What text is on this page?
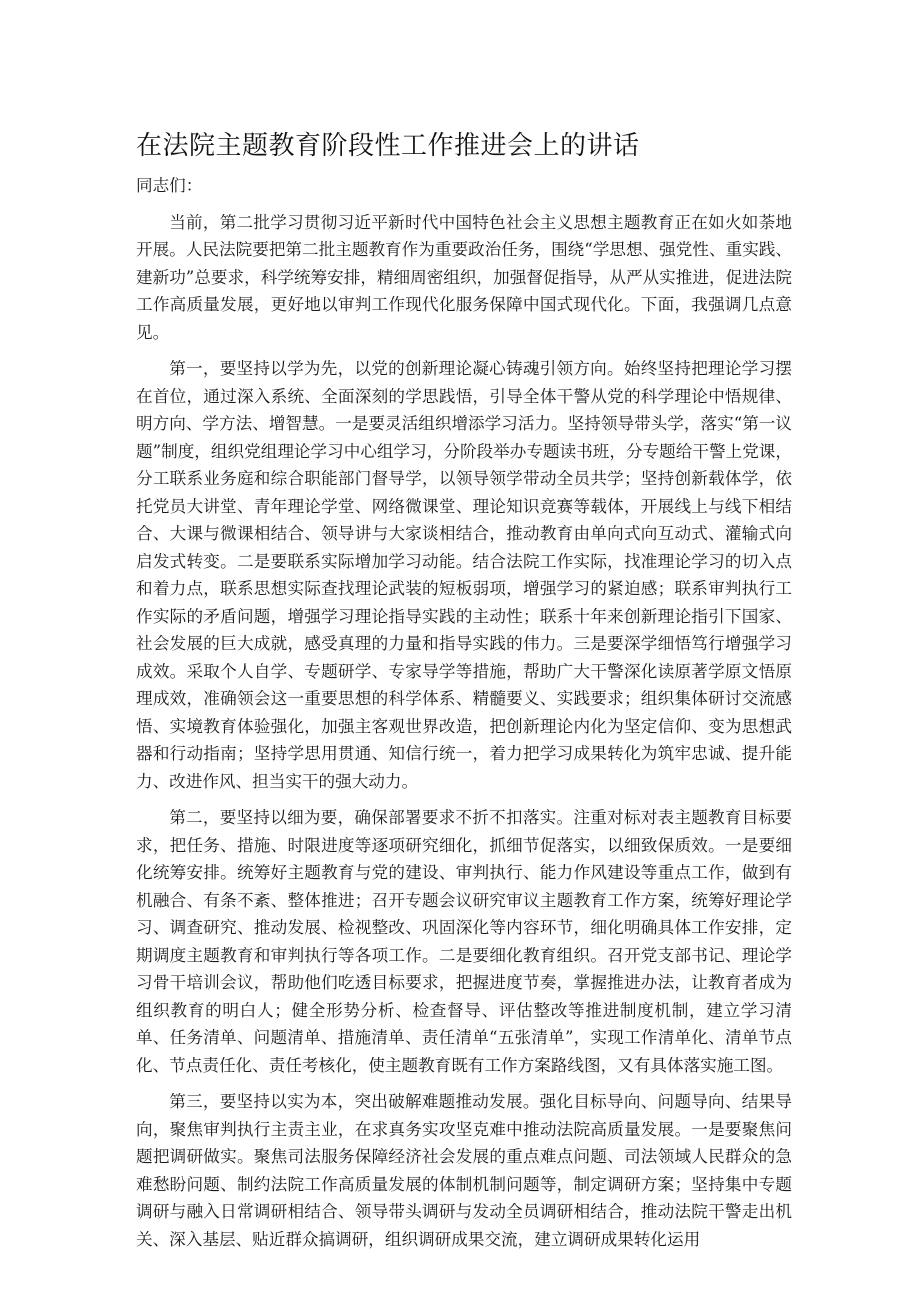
在法院主题教育阶段性工作推进会上的讲话

同志们：

当前，第二批学习贯彻习近平新时代中国特色社会主义思想主题教育正在如火如荼地开展。人民法院要把第二批主题教育作为重要政治任务，围绕“学思想、强党性、重实践、建新功”总要求，科学统筹安排，精细周密组织，加强督促指导，从严从实推进，促进法院工作高质量发展，更好地以审判工作现代化服务保障中国式现代化。下面，我强调几点意见。

第一，要坚持以学为先，以党的创新理论凝心铸魂引领方向。始终坚持把理论学习摆在首位，通过深入系统、全面深刻的学思践悟，引导全体干警从党的科学理论中悟规律、明方向、学方法、增智慧。一是要灵活组织增添学习活力。坚持领导带头学，落实“第一议题”制度，组织党组理论学习中心组学习，分阶段举办专题读书班，分专题给干警上党课，分工联系业务庭和综合职能部门督导学，以领导领学带动全员共学；坚持创新载体学，依托党员大讲堂、青年理论学堂、网络微课堂、理论知识竞赛等载体，开展线上与线下相结合、大课与微课相结合、领导讲与大家谈相结合，推动教育由单向式向互动式、灌输式向启发式转变。二是要联系实际增加学习动能。结合法院工作实际，找准理论学习的切入点和着力点，联系思想实际查找理论武装的短板弱项，增强学习的紧迫感；联系审判执行工作实际的矛盾问题，增强学习理论指导实践的主动性；联系十年来创新理论指引下国家、社会发展的巨大成就，感受真理的力量和指导实践的伟力。三是要深学细悟笃行增强学习成效。采取个人自学、专题研学、专家导学等措施，帮助广大干警深化读原著学原文悟原理成效，准确领会这一重要思想的科学体系、精髓要义、实践要求；组织集体研讨交流感悟、实境教育体验强化，加强主客观世界改造，把创新理论内化为坚定信仰、变为思想武器和行动指南；坚持学思用贯通、知信行统一，着力把学习成果转化为筑牢忠诚、提升能力、改进作风、担当实干的强大动力。

第二，要坚持以细为要，确保部署要求不折不扣落实。注重对标对表主题教育目标要求，把任务、措施、时限进度等逐项研究细化，抓细节促落实，以细致保质效。一是要细化统筹安排。统筹好主题教育与党的建设、审判执行、能力作风建设等重点工作，做到有机融合、有条不紊、整体推进；召开专题会议研究审议主题教育工作方案，统筹好理论学习、调查研究、推动发展、检视整改、巩固深化等内容环节，细化明确具体工作安排，定期调度主题教育和审判执行等各项工作。二是要细化教育组织。召开党支部书记、理论学习骨干培训会议，帮助他们吃透目标要求，把握进度节奏，掌握推进办法，让教育者成为组织教育的明白人；健全形势分析、检查督导、评估整改等推进制度机制，建立学习清单、任务清单、问题清单、措施清单、责任清单“五张清单”，实现工作清单化、清单节点化、节点责任化、责任考核化，使主题教育既有工作方案路线图，又有具体落实施工图。

第三，要坚持以实为本，突出破解难题推动发展。强化目标导向、问题导向、结果导向，聚焦审判执行主责主业，在求真务实攻坚克难中推动法院高质量发展。一是要聚焦问题把调研做实。聚焦司法服务保障经济社会发展的重点难点问题、司法领域人民群众的急难愁盼问题、制约法院工作高质量发展的体制机制问题等，制定调研方案；坚持集中专题调研与融入日常调研相结合、领导带头调研与发动全员调研相结合，推动法院干警走出机关、深入基层、贴近群众搞调研，组织调研成果交流，建立调研成果转化运用
